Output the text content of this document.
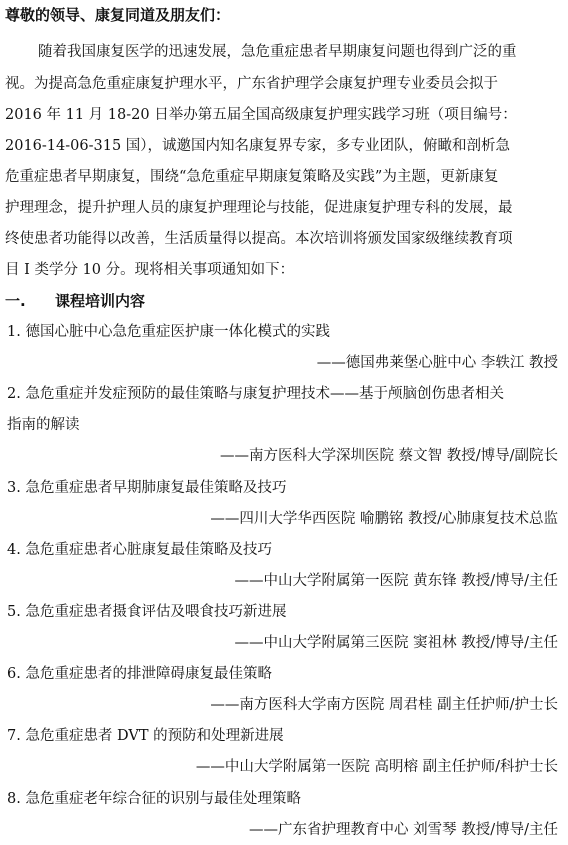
尊敬的领导、康复同道及朋友们：
随着我国康复医学的迅速发展，急危重症患者早期康复问题也得到广泛的重
视。为提高急危重症康复护理水平，广东省护理学会康复护理专业委员会拟于
2016 年 11 月 18-20 日举办第五届全国高级康复护理实践学习班（项目编号：
2016-14-06-315 国），诚邀国内知名康复界专家，多专业团队，俯瞰和剖析急
危重症患者早期康复，围绕“急危重症早期康复策略及实践”为主题，更新康复
护理理念，提升护理人员的康复护理理论与技能，促进康复护理专科的发展，最
终使患者功能得以改善，生活质量得以提高。本次培训将颁发国家级继续教育项
目 I 类学分 10 分。现将相关事项通知如下：
一. 课程培训内容
1. 德国心脏中心急危重症医护康一体化模式的实践
——德国弗莱堡心脏中心 李轶江 教授
2. 急危重症并发症预防的最佳策略与康复护理技术——基于颅脑创伤患者相关
指南的解读
——南方医科大学深圳医院 蔡文智 教授/博导/副院长
3. 急危重症患者早期肺康复最佳策略及技巧
——四川大学华西医院 喻鹏铭 教授/心肺康复技术总监
4. 急危重症患者心脏康复最佳策略及技巧
——中山大学附属第一医院 黄东锋 教授/博导/主任
5. 急危重症患者摄食评估及喂食技巧新进展
——中山大学附属第三医院 窦祖林 教授/博导/主任
6. 急危重症患者的排泄障碍康复最佳策略
——南方医科大学南方医院 周君桂 副主任护师/护士长
7. 急危重症患者 DVT 的预防和处理新进展
——中山大学附属第一医院 高明榕 副主任护师/科护士长
8. 急危重症老年综合征的识别与最佳处理策略
——广东省护理教育中心 刘雪琴 教授/博导/主任
